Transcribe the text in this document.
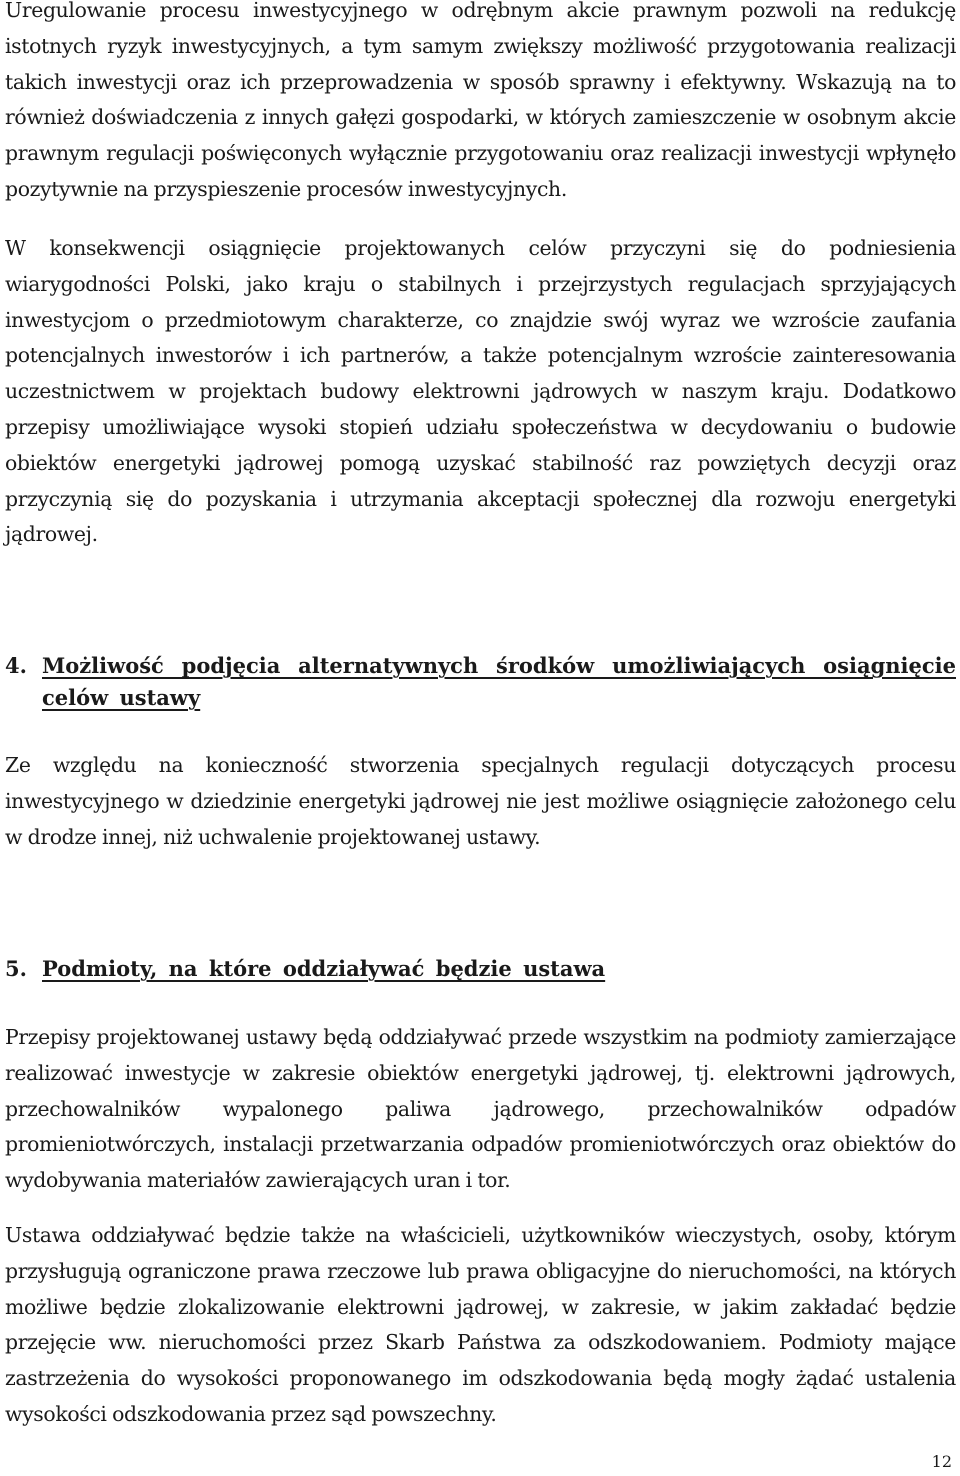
Uregulowanie procesu inwestycyjnego w odrębnym akcie prawnym pozwoli na redukcję istotnych ryzyk inwestycyjnych, a tym samym zwiększy możliwość przygotowania realizacji takich inwestycji oraz ich przeprowadzenia w sposób sprawny i efektywny. Wskazują na to również doświadczenia z innych gałęzi gospodarki, w których zamieszczenie w osobnym akcie prawnym regulacji poświęconych wyłącznie przygotowaniu oraz realizacji inwestycji wpłynęło pozytywnie na przyspieszenie procesów inwestycyjnych.

W konsekwencji osiągnięcie projektowanych celów przyczyni się do podniesienia wiarygodności Polski, jako kraju o stabilnych i przejrzystych regulacjach sprzyjających inwestycjom o przedmiotowym charakterze, co znajdzie swój wyraz we wzroście zaufania potencjalnych inwestorów i ich partnerów, a także potencjalnym wzroście zainteresowania uczestnictwem w projektach budowy elektrowni jądrowych w naszym kraju. Dodatkowo przepisy umożliwiające wysoki stopień udziału społeczeństwa w decydowaniu o budowie obiektów energetyki jądrowej pomogą uzyskać stabilność raz powziętych decyzji oraz przyczynią się do pozyskania i utrzymania akceptacji społecznej dla rozwoju energetyki jądrowej.

4. Możliwość podjęcia alternatywnych środków umożliwiających osiągnięcie celów ustawy

Ze względu na konieczność stworzenia specjalnych regulacji dotyczących procesu inwestycyjnego w dziedzinie energetyki jądrowej nie jest możliwe osiągnięcie założonego celu w drodze innej, niż uchwalenie projektowanej ustawy.

5. Podmioty, na które oddziaływać będzie ustawa

Przepisy projektowanej ustawy będą oddziaływać przede wszystkim na podmioty zamierzające realizować inwestycje w zakresie obiektów energetyki jądrowej, tj. elektrowni jądrowych, przechowalników wypalonego paliwa jądrowego, przechowalników odpadów promieniotwórczych, instalacji przetwarzania odpadów promieniotwórczych oraz obiektów do wydobywania materiałów zawierających uran i tor.

Ustawa oddziaływać będzie także na właścicieli, użytkowników wieczystych, osoby, którym przysługują ograniczone prawa rzeczowe lub prawa obligacyjne do nieruchomości, na których możliwe będzie zlokalizowanie elektrowni jądrowej, w zakresie, w jakim zakładać będzie przejęcie ww. nieruchomości przez Skarb Państwa za odszkodowaniem. Podmioty mające zastrzeżenia do wysokości proponowanego im odszkodowania będą mogły żądać ustalenia wysokości odszkodowania przez sąd powszechny.

12
